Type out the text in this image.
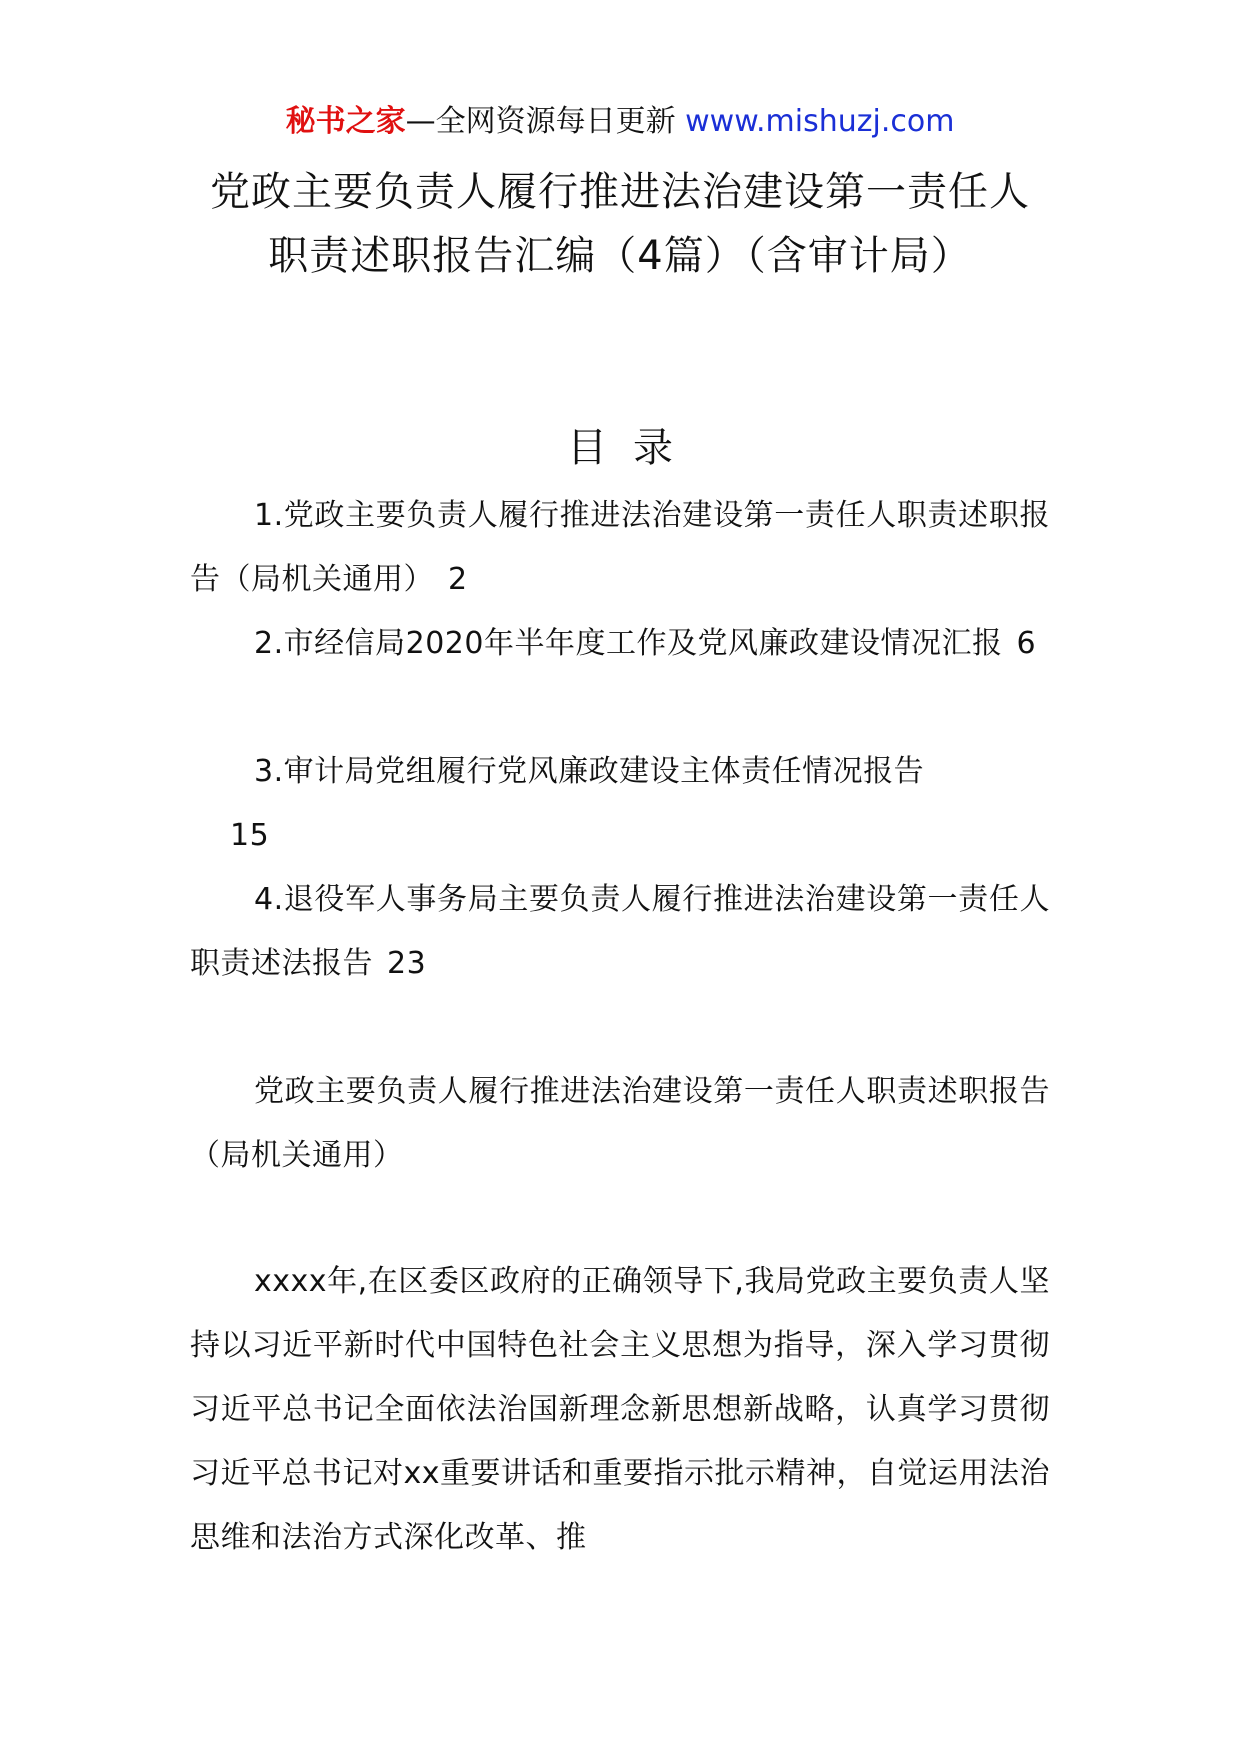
秘书之家—全网资源每日更新 www.mishuzj.com
党政主要负责人履行推进法治建设第一责任人职责述职报告汇编（4篇）（含审计局）
目录
1.党政主要负责人履行推进法治建设第一责任人职责述职报告（局机关通用） 2
2.市经信局2020年半年度工作及党风廉政建设情况汇报 6
3.审计局党组履行党风廉政建设主体责任情况报告
15
4.退役军人事务局主要负责人履行推进法治建设第一责任人职责述法报告 23
党政主要负责人履行推进法治建设第一责任人职责述职报告（局机关通用）
xxxx年,在区委区政府的正确领导下,我局党政主要负责人坚持以习近平新时代中国特色社会主义思想为指导，深入学习贯彻习近平总书记全面依法治国新理念新思想新战略，认真学习贯彻习近平总书记对xx重要讲话和重要指示批示精神，自觉运用法治思维和法治方式深化改革、推
